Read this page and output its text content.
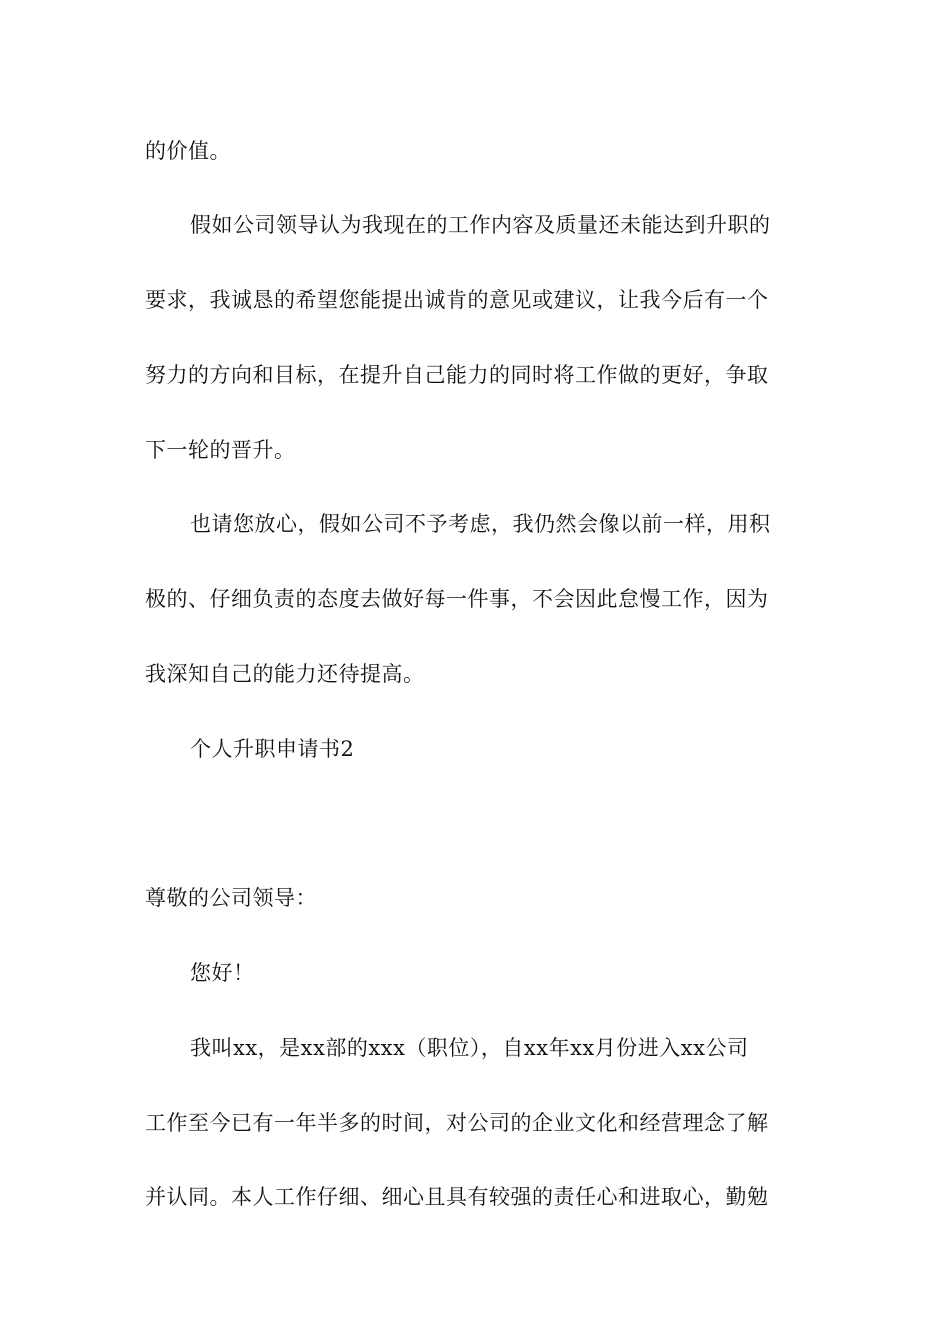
的价值。
假如公司领导认为我现在的工作内容及质量还未能达到升职的
要求，我诚恳的希望您能提出诚肯的意见或建议，让我今后有一个
努力的方向和目标，在提升自己能力的同时将工作做的更好，争取
下一轮的晋升。
也请您放心，假如公司不予考虑，我仍然会像以前一样，用积
极的、仔细负责的态度去做好每一件事，不会因此怠慢工作，因为
我深知自己的能力还待提高。
个人升职申请书2
尊敬的公司领导：
您好！
我叫xx，是xx部的xxx（职位），自xx年xx月份进入xx公司
工作至今已有一年半多的时间，对公司的企业文化和经营理念了解
并认同。本人工作仔细、细心且具有较强的责任心和进取心，勤勉
